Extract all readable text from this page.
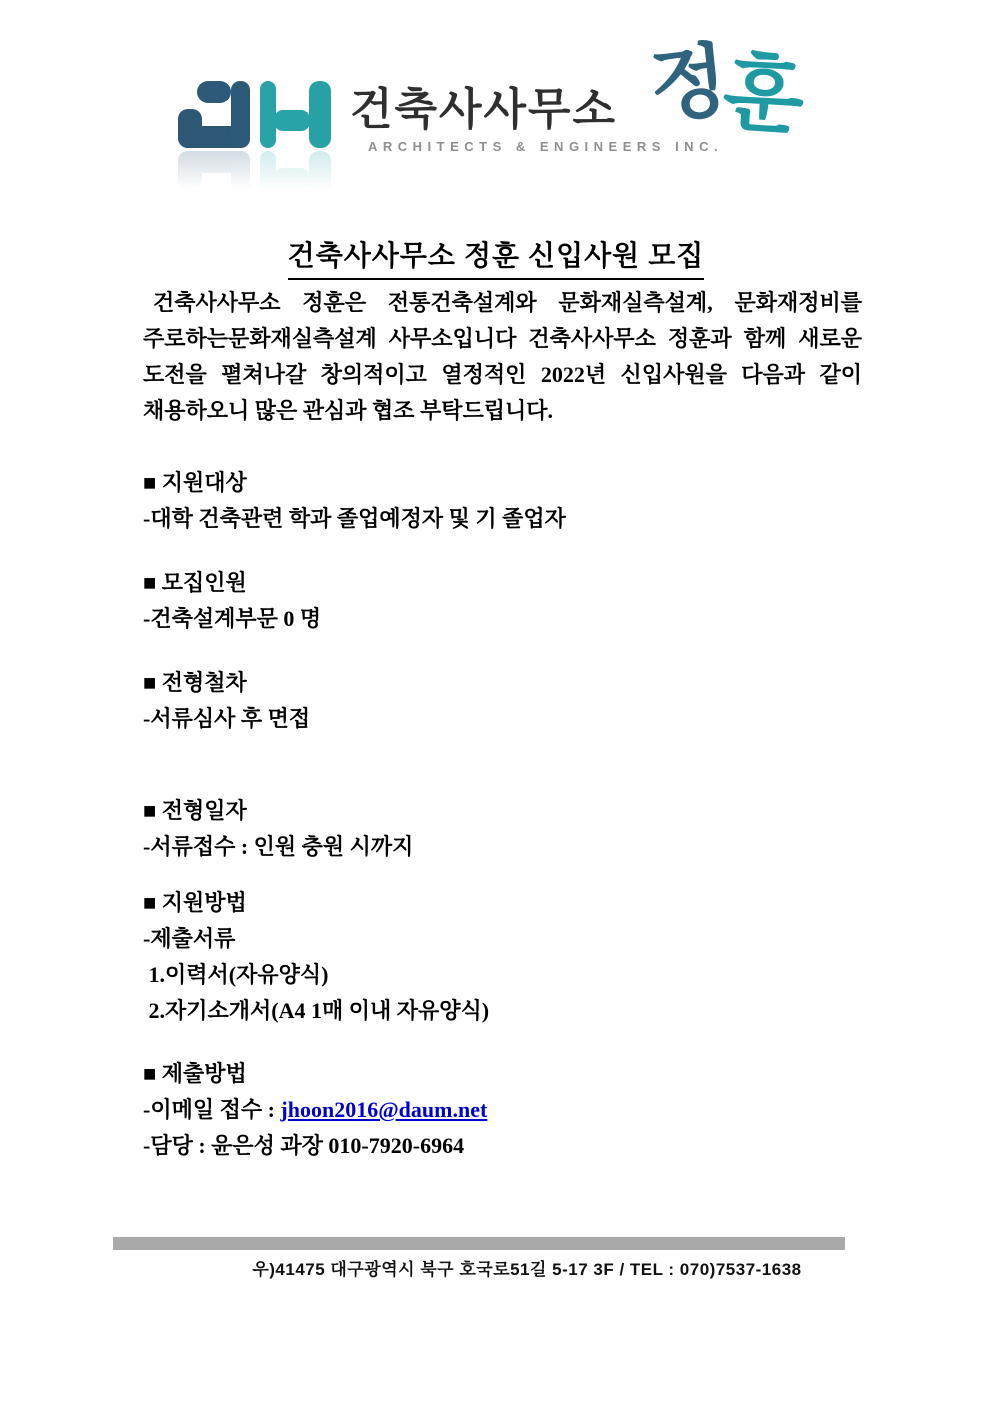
건축사사무소 정훈
ARCHITECTS & ENGINEERS INC.
건축사사무소 정훈 신입사원 모집

건축사사무소 정훈은 전통건축설계와 문화재실측설계, 문화재정비를 주로하는문화재실측설계 사무소입니다 건축사사무소 정훈과 함께 새로운 도전을 펼쳐나갈 창의적이고 열정적인 2022년 신입사원을 다음과 같이 채용하오니 많은 관심과 협조 부탁드립니다.

■ 지원대상
-대학 건축관련 학과 졸업예정자 및 기 졸업자
■ 모집인원
-건축설계부문 0 명
■ 전형철차
-서류심사 후 면접
■ 전형일자
-서류접수 : 인원 충원 시까지
■ 지원방법
-제출서류
1.이력서(자유양식)
2.자기소개서(A4 1매 이내 자유양식)
■ 제출방법
-이메일 접수 : jhoon2016@daum.net
-담당 : 윤은성 과장 010-7920-6964
우)41475 대구광역시 북구 호국로51길 5-17 3F / TEL : 070)7537-1638
